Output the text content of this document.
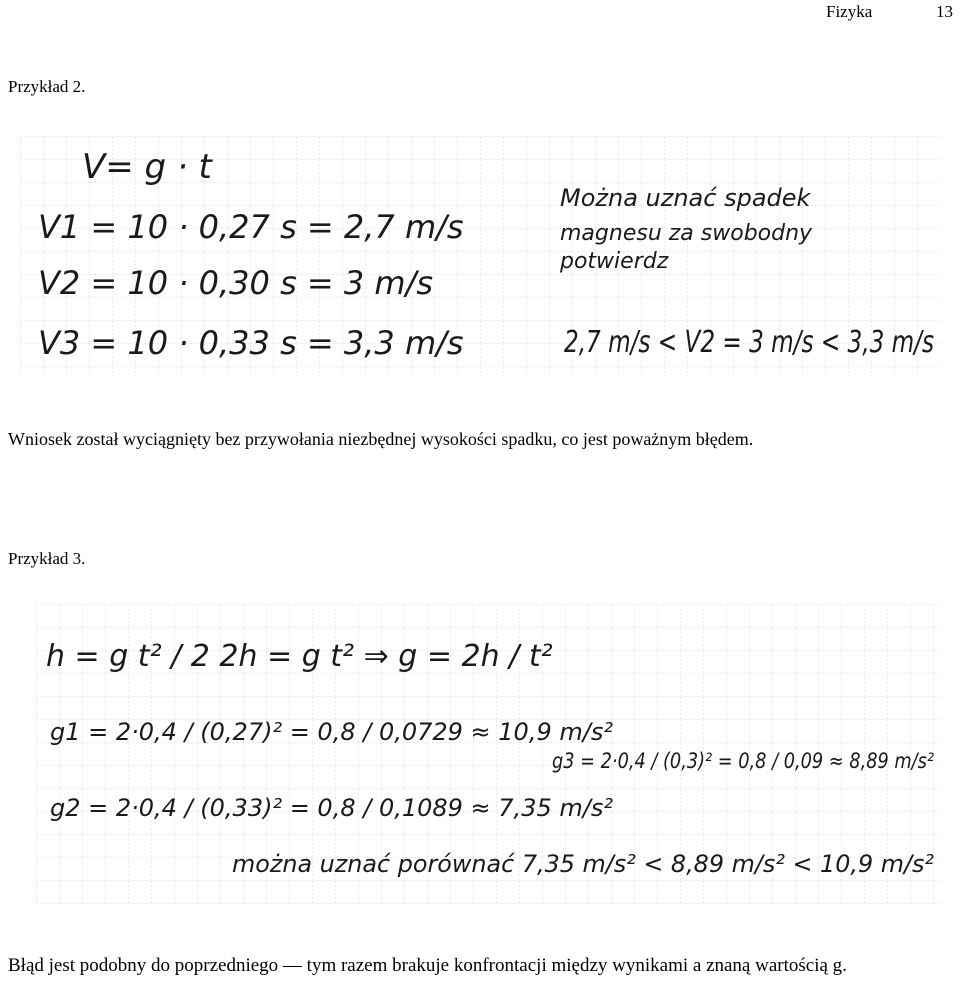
Fizyka	13
Przykład 2.
V= g · t
V1 = 10 · 0,27 s = 2,7 m/s
V2 = 10 · 0,30 s = 3 m/s
V3 = 10 · 0,33 s = 3,3 m/s
Można uznać spadek
magnesu za swobodny
potwierdz
2,7 m/s < V2 = 3 m/s < 3,3 m/s
Wniosek został wyciągnięty bez przywołania niezbędnej wysokości spadku, co jest poważnym błędem.
Przykład 3.
h = g t² / 2 2h = g t² ⇒ g = 2h / t²
g1 = 2·0,4 / (0,27)² = 0,8 / 0,0729 ≈ 10,9 m/s²
g3 = 2·0,4 / (0,3)² = 0,8 / 0,09 ≈ 8,89 m/s²
g2 = 2·0,4 / (0,33)² = 0,8 / 0,1089 ≈ 7,35 m/s²
można uznać porównać 7,35 m/s² < 8,89 m/s² < 10,9 m/s²
Błąd jest podobny do poprzedniego — tym razem brakuje konfrontacji między wynikami a znaną wartością g.
